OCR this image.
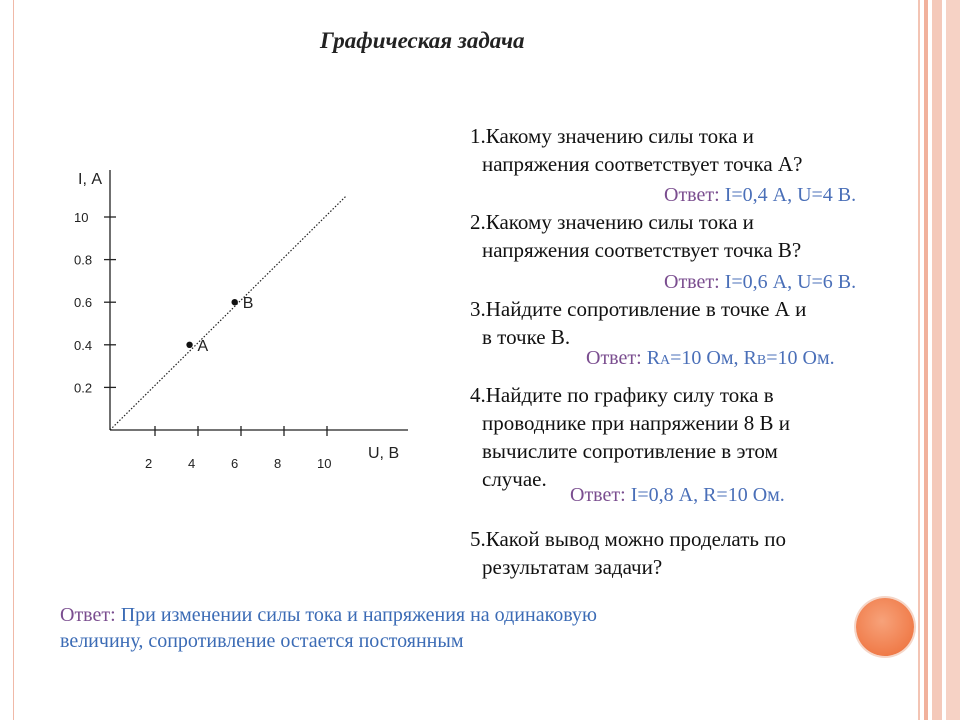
Графическая задача
I, А
U, В
2	4	6	8	10
0.2
0.4
0.6
0.8
10
A
B
1.Какому значению силы тока и
напряжения соответствует точка А?
Ответ: I=0,4 А, U=4 В.
2.Какому значению силы тока и
напряжения соответствует точка В?
Ответ: I=0,6 А, U=6 В.
3.Найдите сопротивление в точке А и
в точке В.
Ответ: RA=10 Ом, RB=10 Ом.
4.Найдите по графику силу тока в
проводнике при напряжении 8 В и
вычислите сопротивление в этом
случае.
Ответ: I=0,8 А, R=10 Ом.
5.Какой вывод можно проделать по
результатам задачи?
Ответ: При изменении силы тока и напряжения на одинаковую
величину, сопротивление остается постоянным
